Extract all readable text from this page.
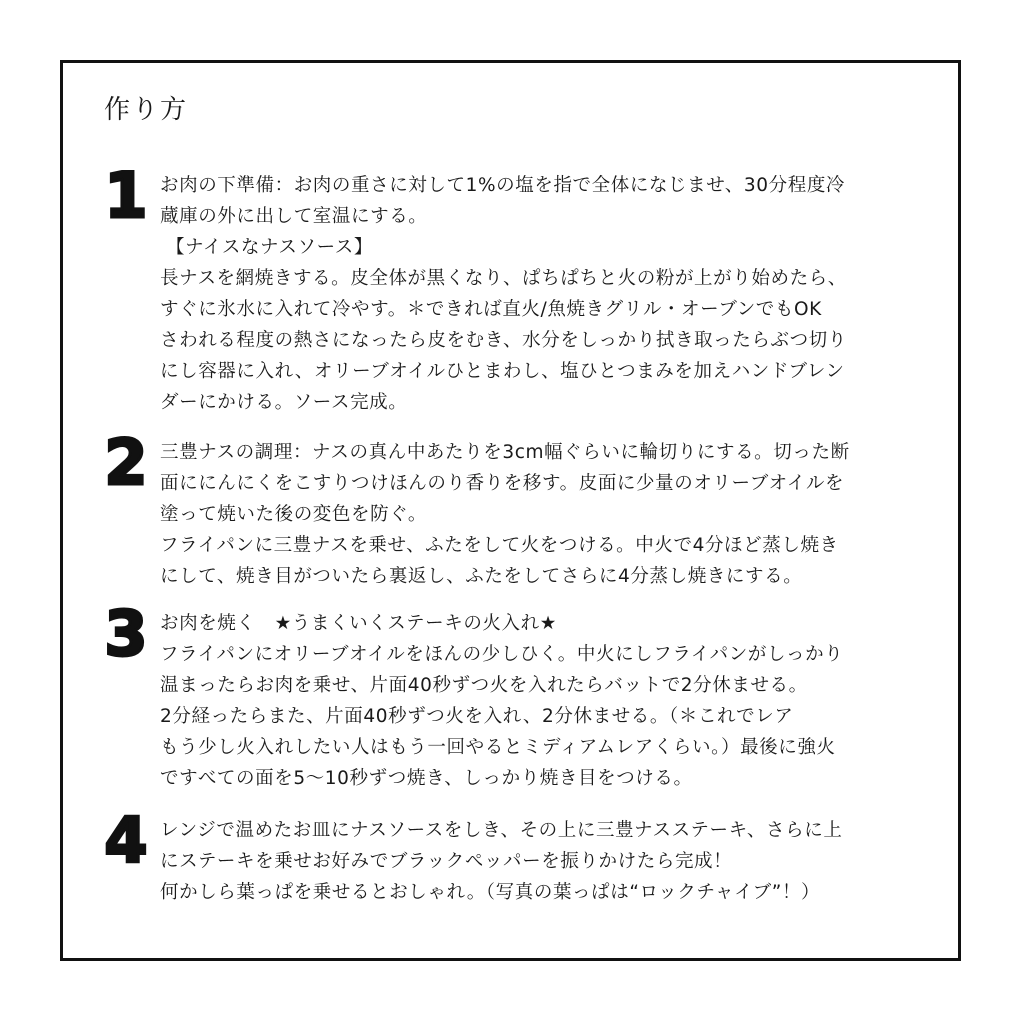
作り方
1 お肉の下準備：お肉の重さに対して1%の塩を指で全体になじませ、30分程度冷
蔵庫の外に出して室温にする。
【ナイスなナスソース】
長ナスを網焼きする。皮全体が黒くなり、ぱちぱちと火の粉が上がり始めたら、
すぐに氷水に入れて冷やす。＊できれば直火/魚焼きグリル・オーブンでもOK
さわれる程度の熱さになったら皮をむき、水分をしっかり拭き取ったらぶつ切り
にし容器に入れ、オリーブオイルひとまわし、塩ひとつまみを加えハンドブレン
ダーにかける。ソース完成。
2 三豊ナスの調理：ナスの真ん中あたりを3cm幅ぐらいに輪切りにする。切った断
面ににんにくをこすりつけほんのり香りを移す。皮面に少量のオリーブオイルを
塗って焼いた後の変色を防ぐ。
フライパンに三豊ナスを乗せ、ふたをして火をつける。中火で4分ほど蒸し焼き
にして、焼き目がついたら裏返し、ふたをしてさらに4分蒸し焼きにする。
3 お肉を焼く　★うまくいくステーキの火入れ★
フライパンにオリーブオイルをほんの少しひく。中火にしフライパンがしっかり
温まったらお肉を乗せ、片面40秒ずつ火を入れたらバットで2分休ませる。
2分経ったらまた、片面40秒ずつ火を入れ、2分休ませる。（＊これでレア
もう少し火入れしたい人はもう一回やるとミディアムレアくらい。）最後に強火
ですべての面を5～10秒ずつ焼き、しっかり焼き目をつける。
4 レンジで温めたお皿にナスソースをしき、その上に三豊ナスステーキ、さらに上
にステーキを乗せお好みでブラックペッパーを振りかけたら完成！
何かしら葉っぱを乗せるとおしゃれ。（写真の葉っぱは“ロックチャイブ”！）
